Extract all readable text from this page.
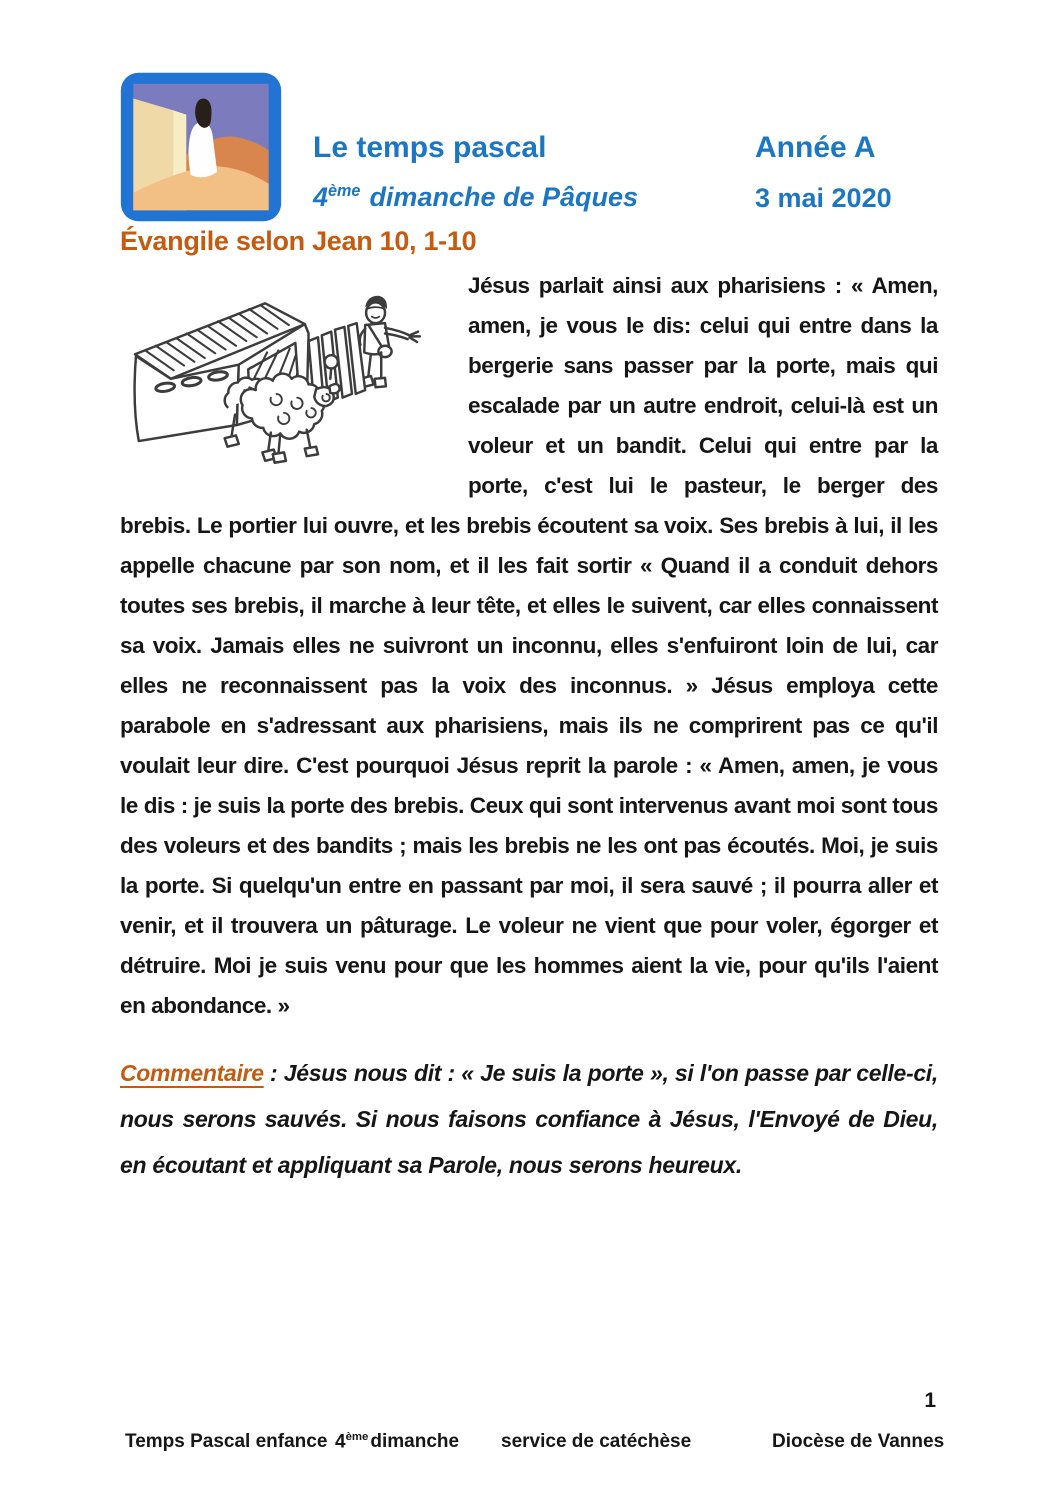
Le temps pascal	Année A
4ème dimanche de Pâques	3 mai 2020
Évangile selon Jean 10, 1-10

Jésus parlait ainsi aux pharisiens : « Amen, amen, je vous le dis: celui qui entre dans la bergerie sans passer par la porte, mais qui escalade par un autre endroit, celui-là est un voleur et un bandit. Celui qui entre par la porte, c'est lui le pasteur, le berger des brebis. Le portier lui ouvre, et les brebis écoutent sa voix. Ses brebis à lui, il les appelle chacune par son nom, et il les fait sortir « Quand il a conduit dehors toutes ses brebis, il marche à leur tête, et elles le suivent, car elles connaissent sa voix. Jamais elles ne suivront un inconnu, elles s'enfuiront loin de lui, car elles ne reconnaissent pas la voix des inconnus. » Jésus employa cette parabole en s'adressant aux pharisiens, mais ils ne comprirent pas ce qu'il voulait leur dire. C'est pourquoi Jésus reprit la parole : « Amen, amen, je vous le dis : je suis la porte des brebis. Ceux qui sont intervenus avant moi sont tous des voleurs et des bandits ; mais les brebis ne les ont pas écoutés. Moi, je suis la porte. Si quelqu'un entre en passant par moi, il sera sauvé ; il pourra aller et venir, et il trouvera un pâturage. Le voleur ne vient que pour voler, égorger et détruire. Moi je suis venu pour que les hommes aient la vie, pour qu'ils l'aient en abondance. »

Commentaire : Jésus nous dit : « Je suis la porte », si l'on passe par celle-ci, nous serons sauvés. Si nous faisons confiance à Jésus, l'Envoyé de Dieu, en écoutant et appliquant sa Parole, nous serons heureux.

1
Temps Pascal enfance 4ème dimanche service de catéchèse	Diocèse de Vannes
